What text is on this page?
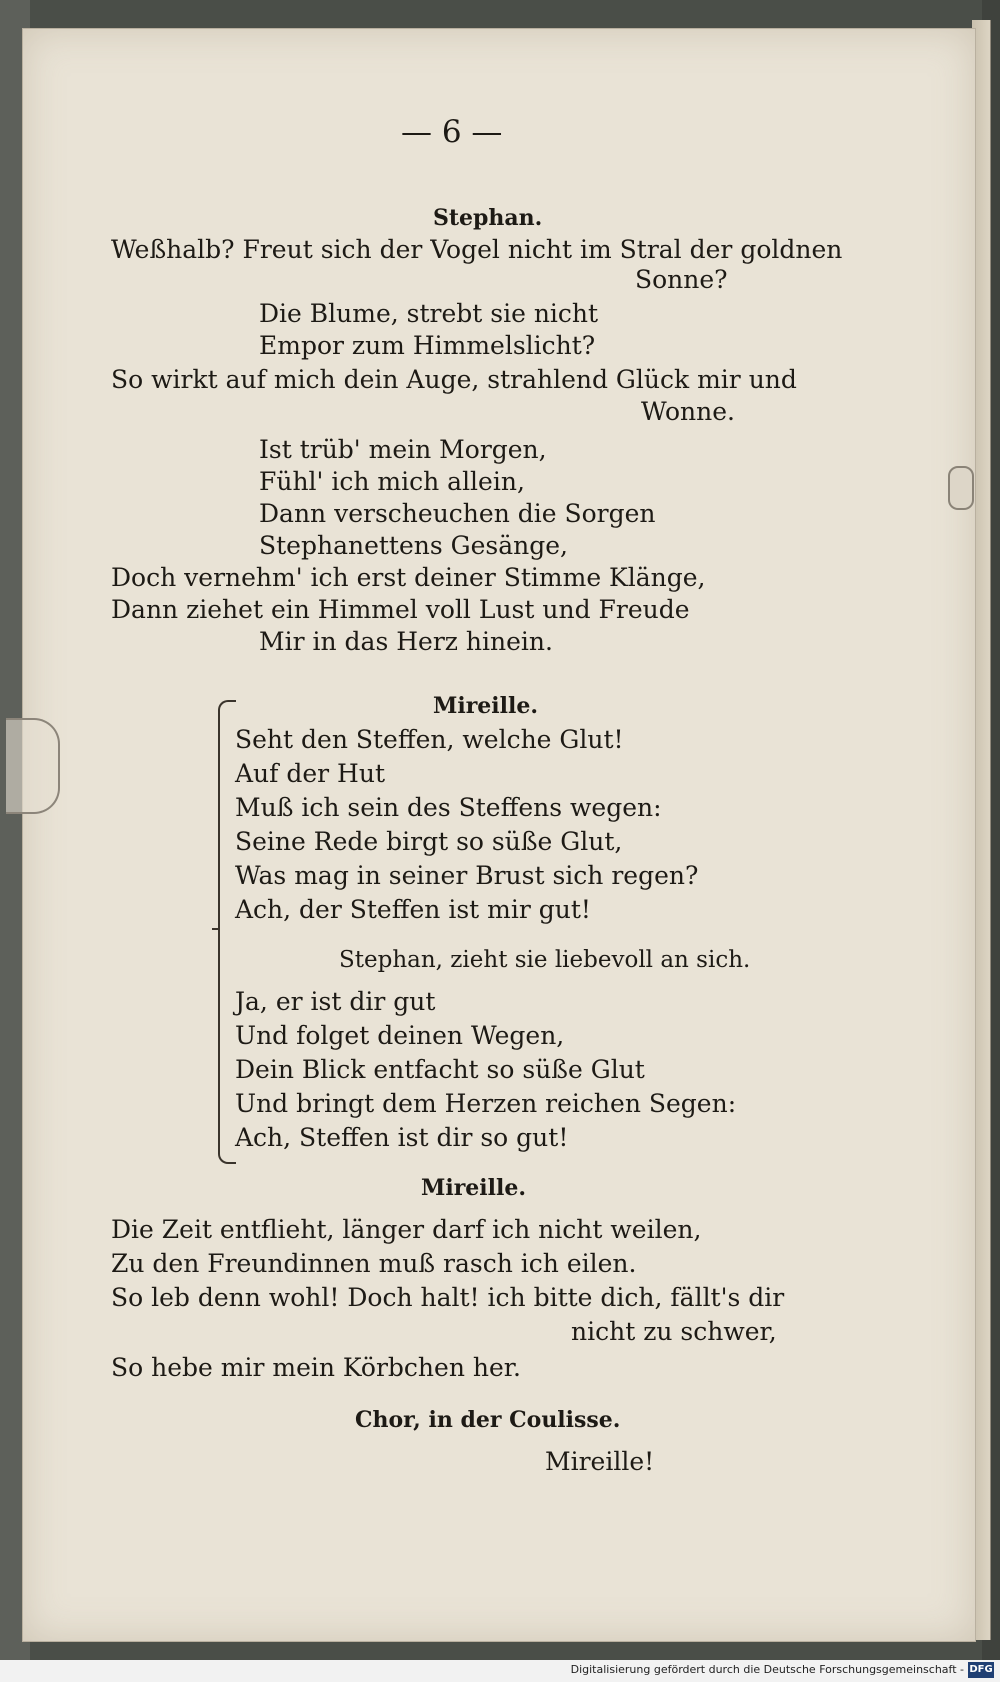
— 6 —

Stephan.

Weßhalb? Freut sich der Vogel nicht im Stral der goldnen

Sonne?

Die Blume, strebt sie nicht

Empor zum Himmelslicht?

So wirkt auf mich dein Auge, strahlend Glück mir und

Wonne.

Ist trüb' mein Morgen,

Fühl' ich mich allein,

Dann verscheuchen die Sorgen

Stephanettens Gesänge,

Doch vernehm' ich erst deiner Stimme Klänge,

Dann ziehet ein Himmel voll Lust und Freude

Mir in das Herz hinein.

Mireille.

Seht den Steffen, welche Glut!

Auf der Hut

Muß ich sein des Steffens wegen:

Seine Rede birgt so süße Glut,

Was mag in seiner Brust sich regen?

Ach, der Steffen ist mir gut!

Stephan, zieht sie liebevoll an sich.

Ja, er ist dir gut

Und folget deinen Wegen,

Dein Blick entfacht so süße Glut

Und bringt dem Herzen reichen Segen:

Ach, Steffen ist dir so gut!

Mireille.

Die Zeit entflieht, länger darf ich nicht weilen,

Zu den Freundinnen muß rasch ich eilen.

So leb denn wohl! Doch halt! ich bitte dich, fällt's dir

nicht zu schwer,

So hebe mir mein Körbchen her.

Chor, in der Coulisse.

Mireille!

Digitalisierung gefördert durch die Deutsche Forschungsgemeinschaft - DFG
